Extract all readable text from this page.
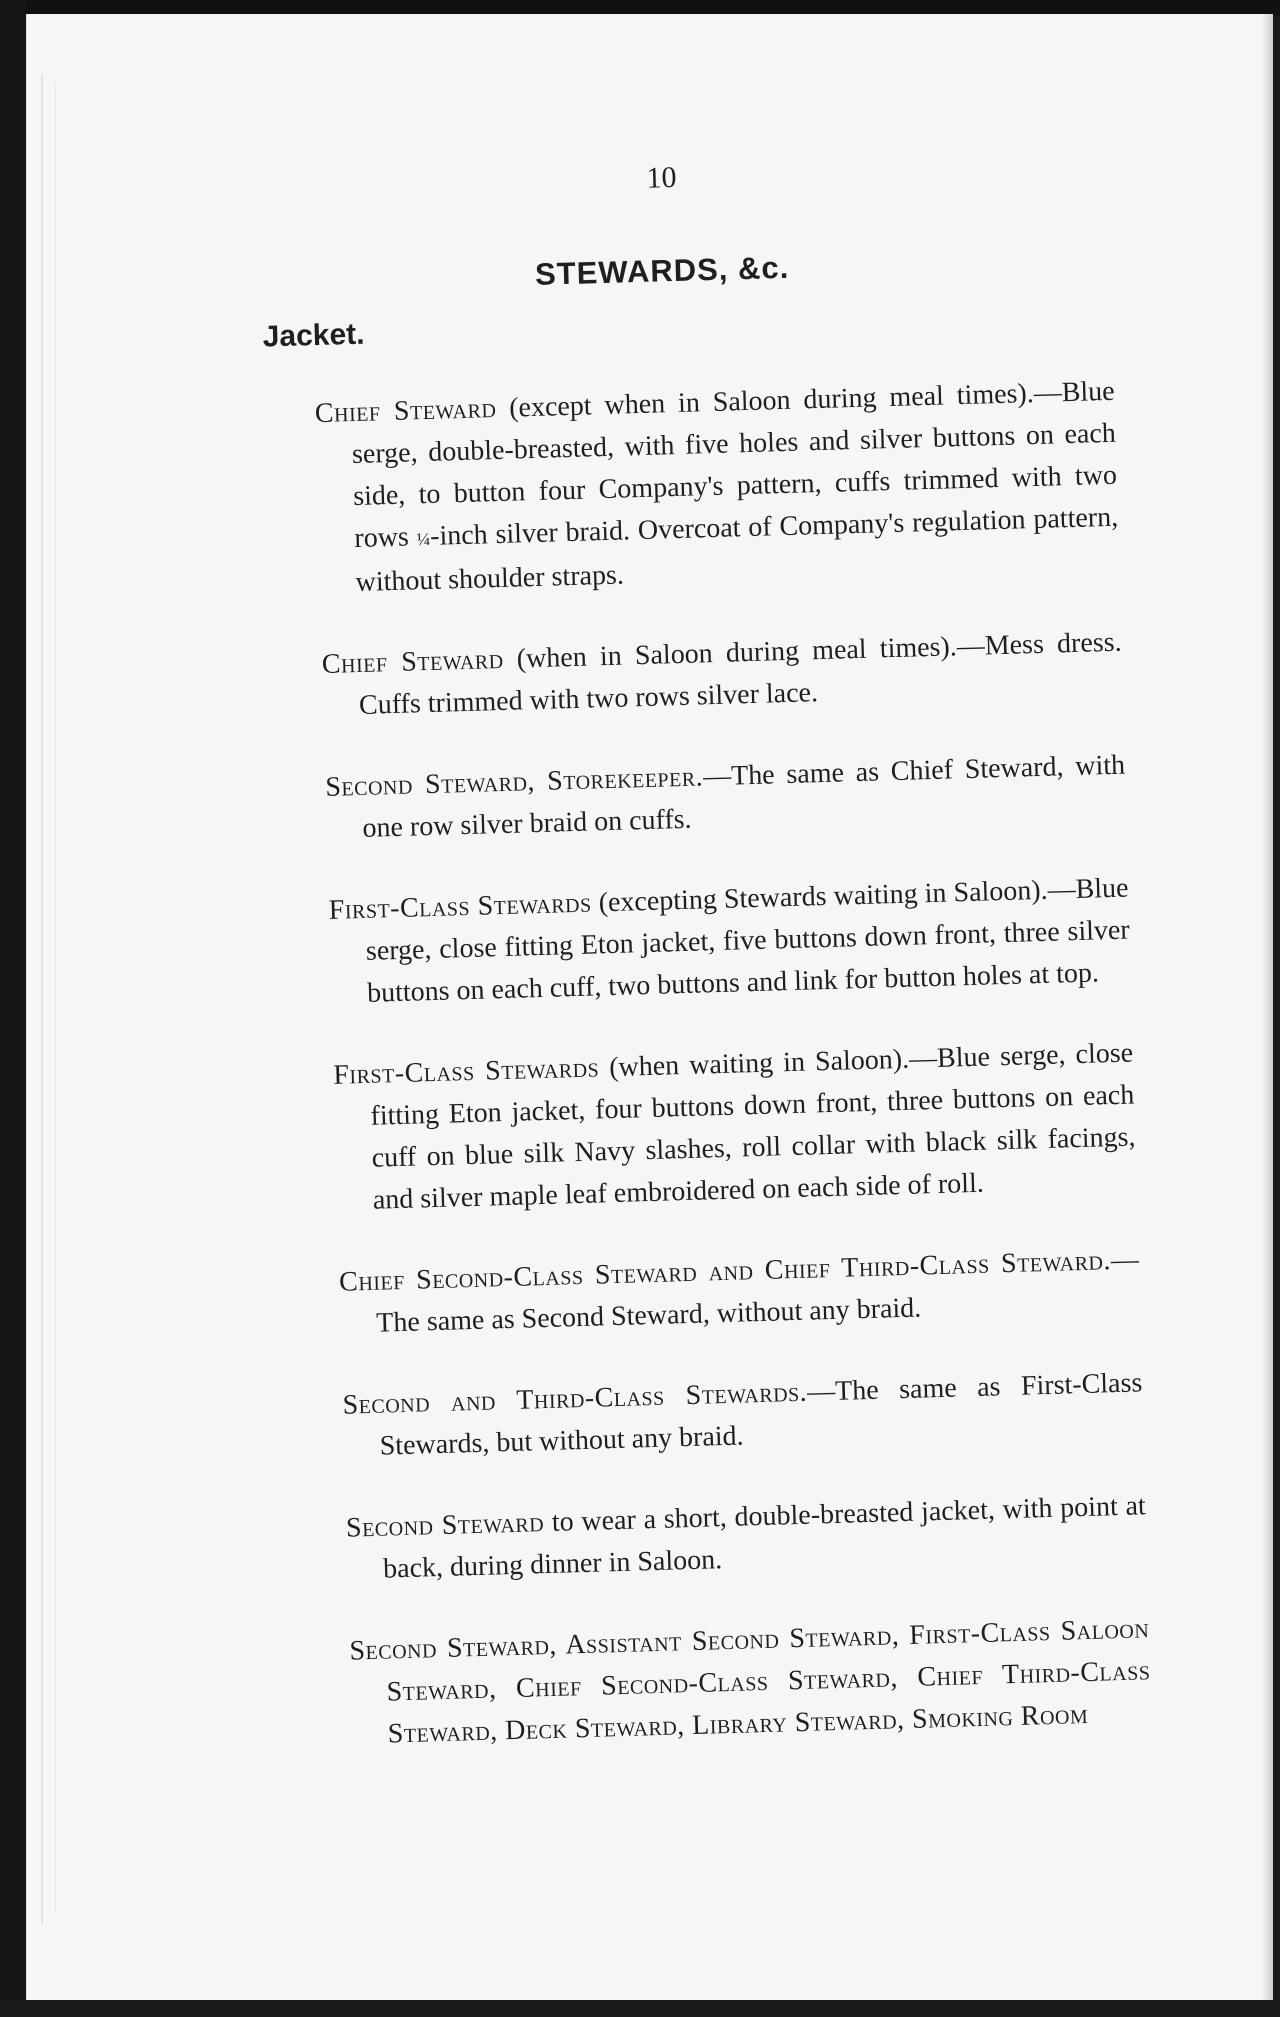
10
STEWARDS, &c.
Jacket.

Chief Steward (except when in Saloon during meal times).—Blue serge, double-breasted, with five holes and silver buttons on each side, to button four Company's pattern, cuffs trimmed with two rows ¼-inch silver braid. Overcoat of Company's regulation pattern, without shoulder straps.

Chief Steward (when in Saloon during meal times).—Mess dress. Cuffs trimmed with two rows silver lace.

Second Steward, Storekeeper.—The same as Chief Steward, with one row silver braid on cuffs.

First-Class Stewards (excepting Stewards waiting in Saloon).—Blue serge, close fitting Eton jacket, five buttons down front, three silver buttons on each cuff, two buttons and link for button holes at top.

First-Class Stewards (when waiting in Saloon).—Blue serge, close fitting Eton jacket, four buttons down front, three buttons on each cuff on blue silk Navy slashes, roll collar with black silk facings, and silver maple leaf embroidered on each side of roll.

Chief Second-Class Steward and Chief Third-Class Steward.—The same as Second Steward, without any braid.

Second and Third-Class Stewards.—The same as First-Class Stewards, but without any braid.

Second Steward to wear a short, double-breasted jacket, with point at back, during dinner in Saloon.

Second Steward, Assistant Second Steward, First-Class Saloon Steward, Chief Second-Class Steward, Chief Third-Class Steward, Deck Steward, Library Steward, Smoking Room
